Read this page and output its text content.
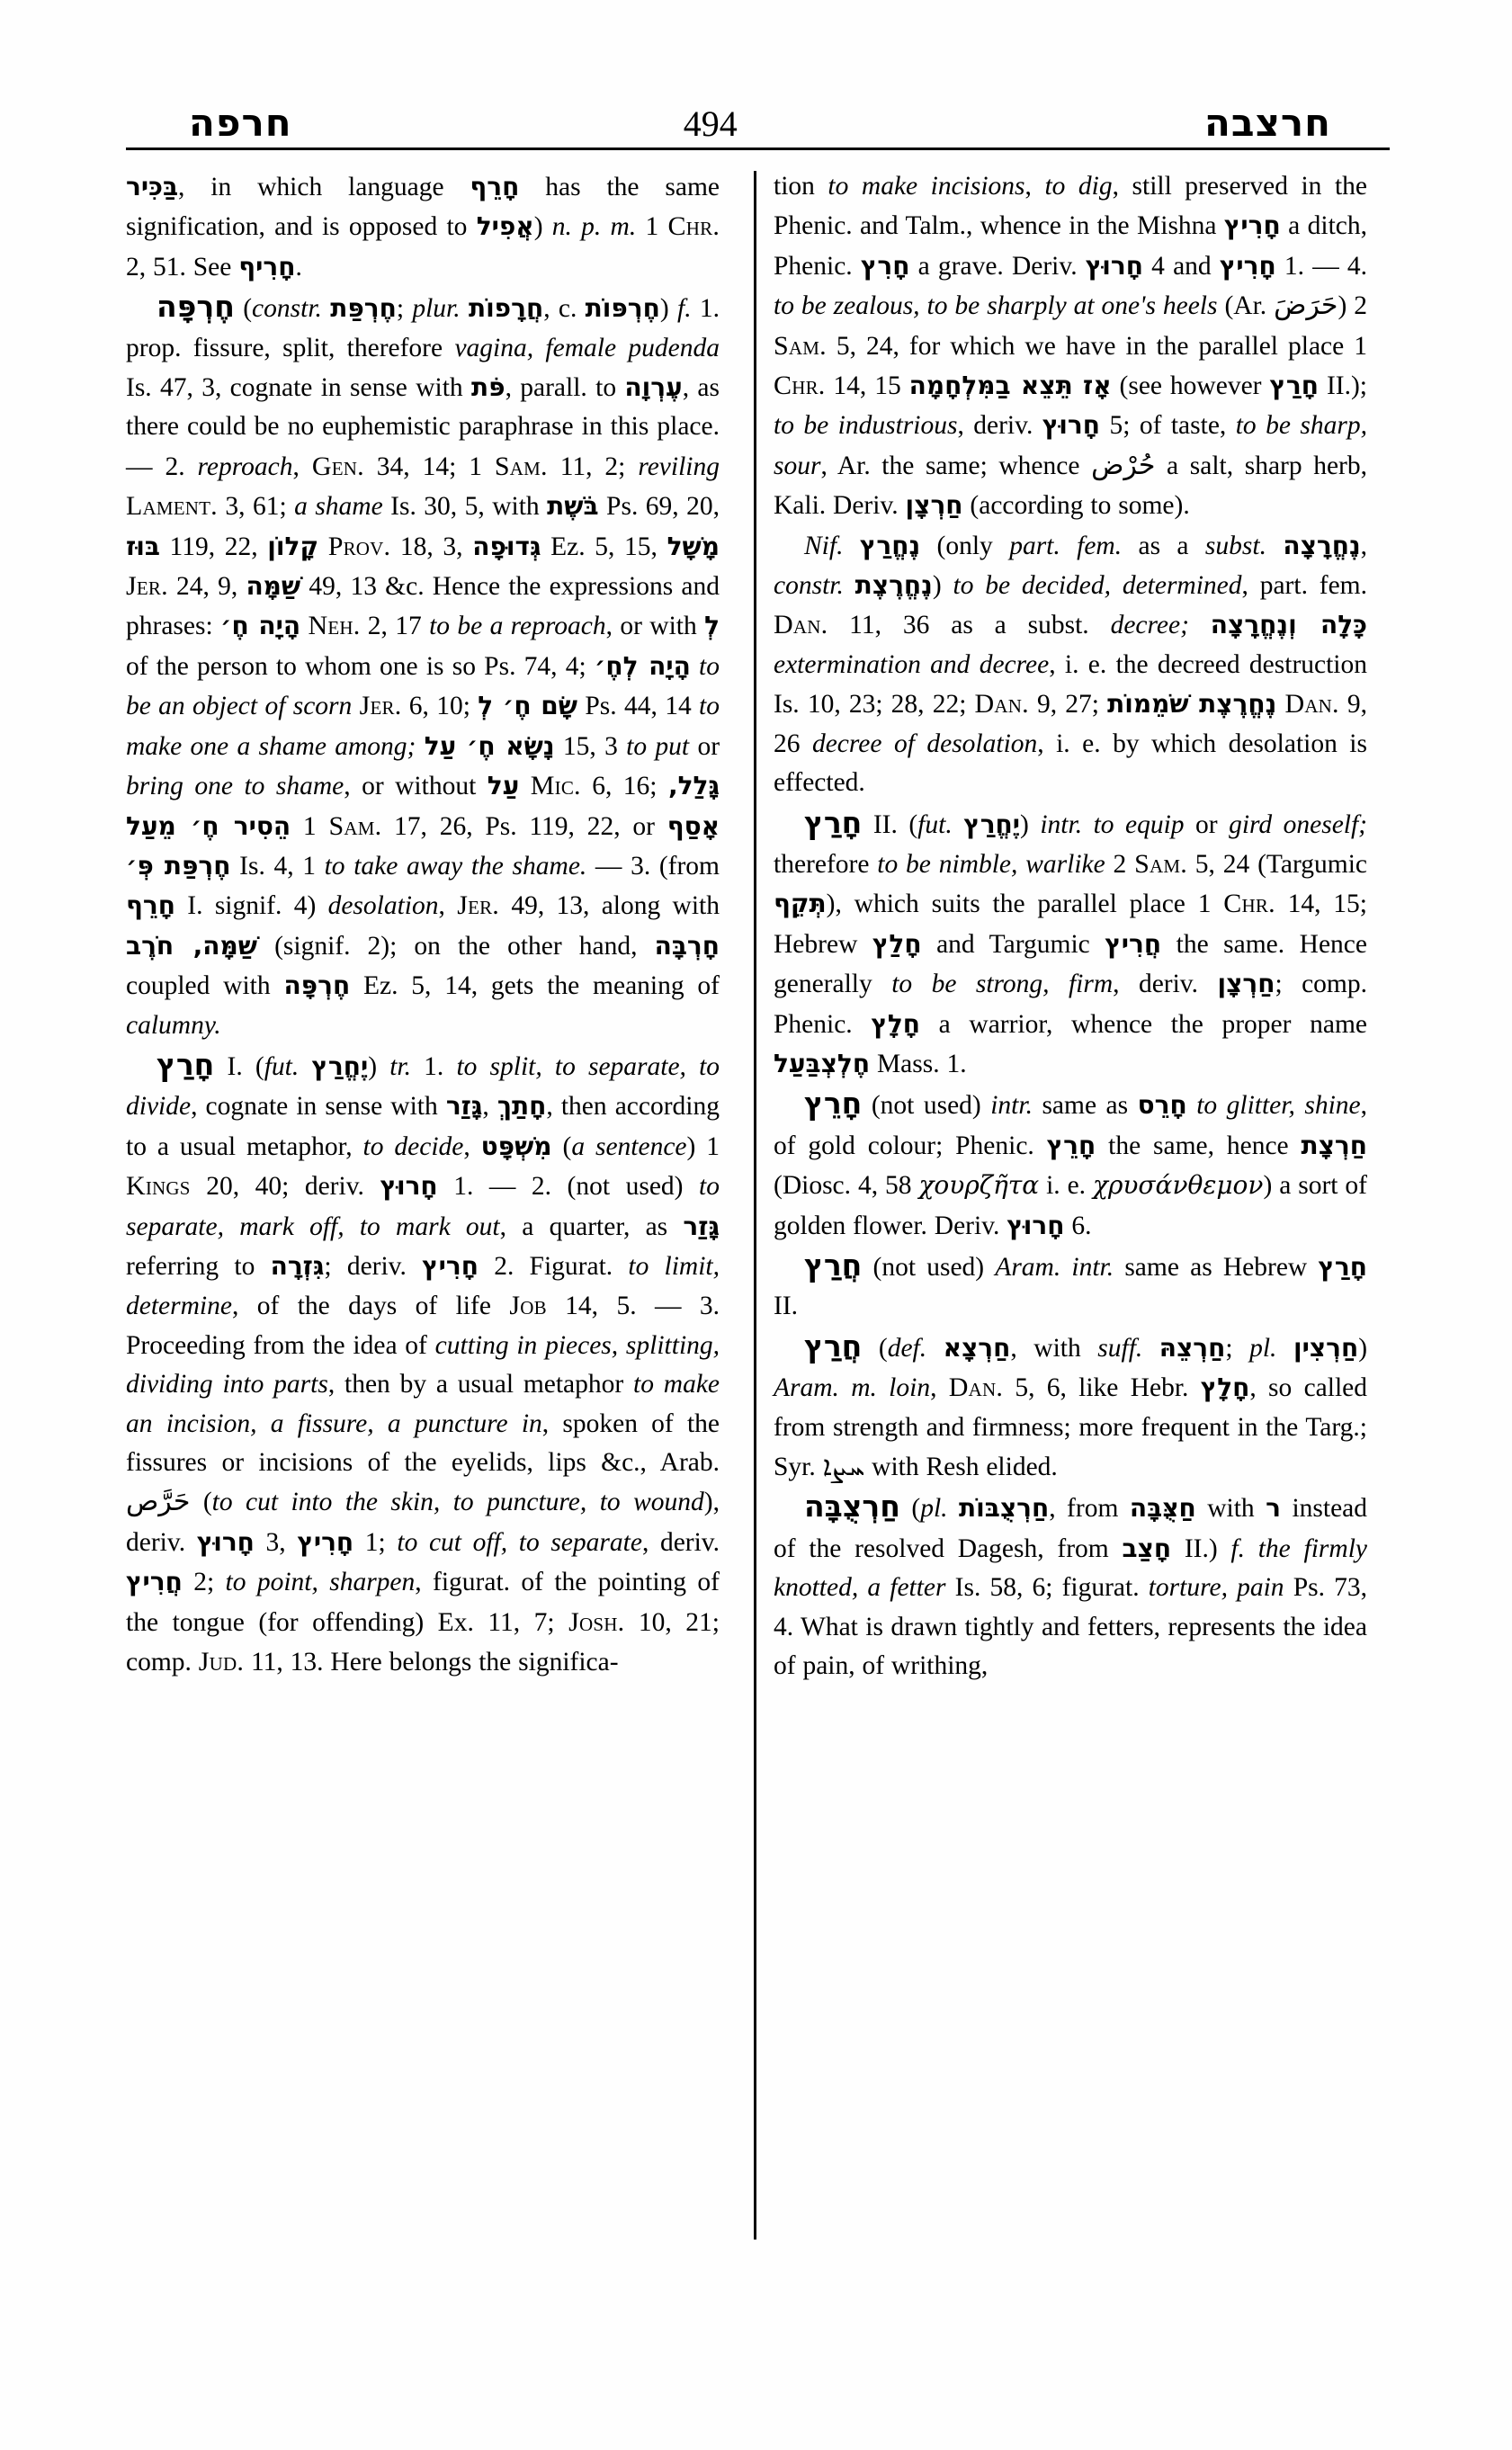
חרפה	494	חרצבה

בַּכִּיר, in which language חָרֵף has the same signification, and is opposed to אֲפִיל) n. p. m. 1 Chr. 2, 51. See חָרִיף.

חֶרְפָּה (constr. חֶרְפַּת; plur. חֲרָפוֹת, c. חֶרְפּוֹת) f. 1. prop. fissure, split, therefore vagina, female pudenda Is. 47, 3, cognate in sense with פֹּת, parall. to עֶרְוָה, as there could be no euphemistic paraphrase in this place. — 2. reproach, Gen. 34, 14; 1 Sam. 11, 2; reviling Lament. 3, 61; a shame Is. 30, 5, with בֹּשֶׁת Ps. 69, 20, בּוּז 119, 22, קָלוֹן Prov. 18, 3, גְּדוּפָה Ez. 5, 15, מָשָׁל Jer. 24, 9, שַׁמָּה 49, 13 &c. Hence the expressions and phrases: הָיָה חֶ׳ Neh. 2, 17 to be a reproach, or with לְ of the person to whom one is so Ps. 74, 4; הָיָה לְחֶ׳ to be an object of scorn Jer. 6, 10; שָׂם חֶ׳ לְ Ps. 44, 14 to make one a shame among; נָשָׂא חֶ׳ עַל 15, 3 to put or bring one to shame, or without עַל Mic. 6, 16; גָּלַל, הֵסִיר חֶ׳ מֵעַל 1 Sam. 17, 26, Ps. 119, 22, or אָסַף חֶרְפַּת פְּ׳ Is. 4, 1 to take away the shame. — 3. (from חָרֵף I. signif. 4) desolation, Jer. 49, 13, along with שַׁמָּה, חֹרֶב (signif. 2); on the other hand, חָרְבָּה coupled with חֶרְפָּה Ez. 5, 14, gets the meaning of calumny.

חָרַץ I. (fut. יֶחֱרַץ) tr. 1. to split, to separate, to divide, cognate in sense with גָּזַר, חָתַךְ, then according to a usual metaphor, to decide, מִשְׁפָּט (a sentence) 1 Kings 20, 40; deriv. חָרוּץ 1. — 2. (not used) to separate, mark off, to mark out, a quarter, as גָּזַר referring to גִּזְרָה; deriv. חָרִיץ 2. Figurat. to limit, determine, of the days of life Job 14, 5. — 3. Proceeding from the idea of cutting in pieces, splitting, dividing into parts, then by a usual metaphor to make an incision, a fissure, a puncture in, spoken of the fissures or incisions of the eyelids, lips &c., Arab. حَرَّص (to cut into the skin, to puncture, to wound), deriv. חָרוּץ 3, חָרִיץ 1; to cut off, to separate, deriv. חֲרִיץ 2; to point, sharpen, figurat. of the pointing of the tongue (for offending) Ex. 11, 7; Josh. 10, 21; comp. Jud. 11, 13. Here belongs the significa-

tion to make incisions, to dig, still preserved in the Phenic. and Talm., whence in the Mishna חָרִיץ a ditch, Phenic. חָרִץ a grave. Deriv. חָרוּץ 4 and חָרִיץ 1. — 4. to be zealous, to be sharply at one's heels (Ar. حَرَضَ) 2 Sam. 5, 24, for which we have in the parallel place 1 Chr. 14, 15 אָז תֵּצֵא בַמִּלְחָמָה (see however חָרַץ II.); to be industrious, deriv. חָרוּץ 5; of taste, to be sharp, sour, Ar. the same; whence حُرْض a salt, sharp herb, Kali. Deriv. חַרְצָן (according to some).

Nif. נֶחֱרַץ (only part. fem. as a subst. נֶחֱרָצָה, constr. נֶחֱרֶצֶת) to be decided, determined, part. fem. Dan. 11, 36 as a subst. decree; כָּלָה וְנֶחֱרָצָה extermination and decree, i. e. the decreed destruction Is. 10, 23; 28, 22; Dan. 9, 27; נֶחֱרֶצֶת שֹׁמֵמוֹת Dan. 9, 26 decree of desolation, i. e. by which desolation is effected.

חָרַץ II. (fut. יֶחֱרַץ) intr. to equip or gird oneself; therefore to be nimble, warlike 2 Sam. 5, 24 (Targumic תְּקֵף), which suits the parallel place 1 Chr. 14, 15; Hebrew חָלַץ and Targumic חֲרִיץ the same. Hence generally to be strong, firm, deriv. חַרְצָן; comp. Phenic. חָלָץ a warrior, whence the proper name חֶלְצְבַּעַל Mass. 1.

חָרֵץ (not used) intr. same as חָרֵס to glitter, shine, of gold colour; Phenic. חָרֵץ the same, hence חַרְצָת (Diosc. 4, 58 χουρζῆτα i. e. χρυσάνθεμον) a sort of golden flower. Deriv. חָרוּץ 6.

חֲרַץ (not used) Aram. intr. same as Hebrew חָרַץ II.

חֲרַץ (def. חַרְצָא, with suff. חַרְצֵהּ; pl. חַרְצִין) Aram. m. loin, Dan. 5, 6, like Hebr. חָלָץ, so called from strength and firmness; more frequent in the Targ.; Syr. ܚܨܐ with Resh elided.

חַרְצֻבָּה (pl. חַרְצֻבּוֹת, from חַצֻּבָּה with ר instead of the resolved Dagesh, from חָצַב II.) f. the firmly knotted, a fetter Is. 58, 6; figurat. torture, pain Ps. 73, 4. What is drawn tightly and fetters, represents the idea of pain, of writhing,
